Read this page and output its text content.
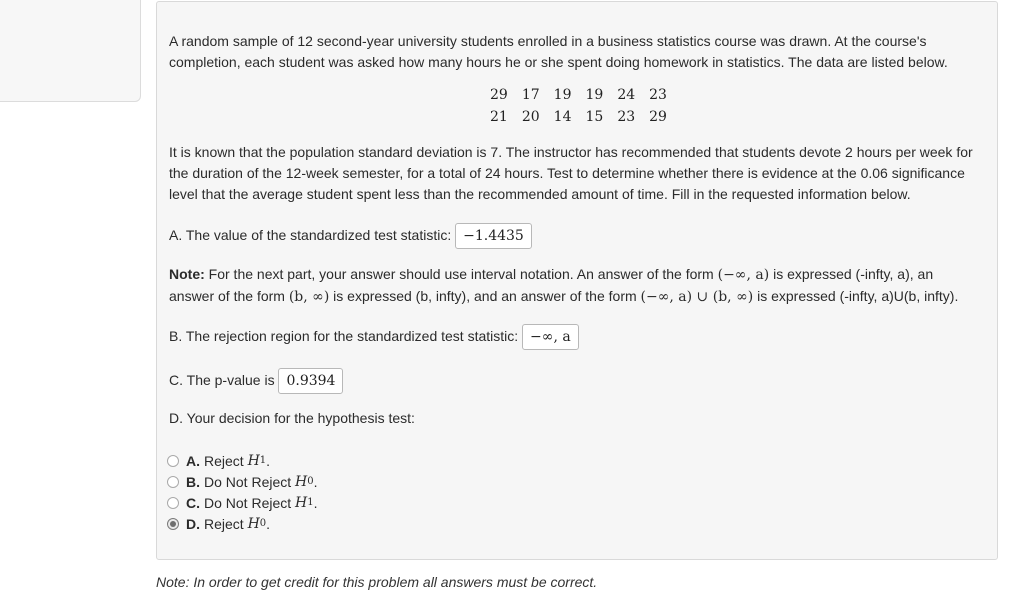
A random sample of 12 second-year university students enrolled in a business statistics course was drawn. At the course's completion, each student was asked how many hours he or she spent doing homework in statistics. The data are listed below.

29	17	19	19	24	23
21	20	14	15	23	29

It is known that the population standard deviation is 7. The instructor has recommended that students devote 2 hours per week for the duration of the 12-week semester, for a total of 24 hours. Test to determine whether there is evidence at the 0.06 significance level that the average student spent less than the recommended amount of time. Fill in the requested information below.

A. The value of the standardized test statistic: −1.4435
Note: For the next part, your answer should use interval notation. An answer of the form (−∞, a) is expressed (-infty, a), an
answer of the form (b, ∞) is expressed (b, infty), and an answer of the form (−∞, a) ∪ (b, ∞) is expressed (-infty, a)U(b, infty).
B. The rejection region for the standardized test statistic: −∞, a
C. The p-value is 0.9394

D. Your decision for the hypothesis test:

A. Reject
H 1 .
B. Do Not Reject
H 0 .
C. Do Not Reject
H 1 .
D. Reject
H 0 .
Note: In order to get credit for this problem all answers must be correct.
